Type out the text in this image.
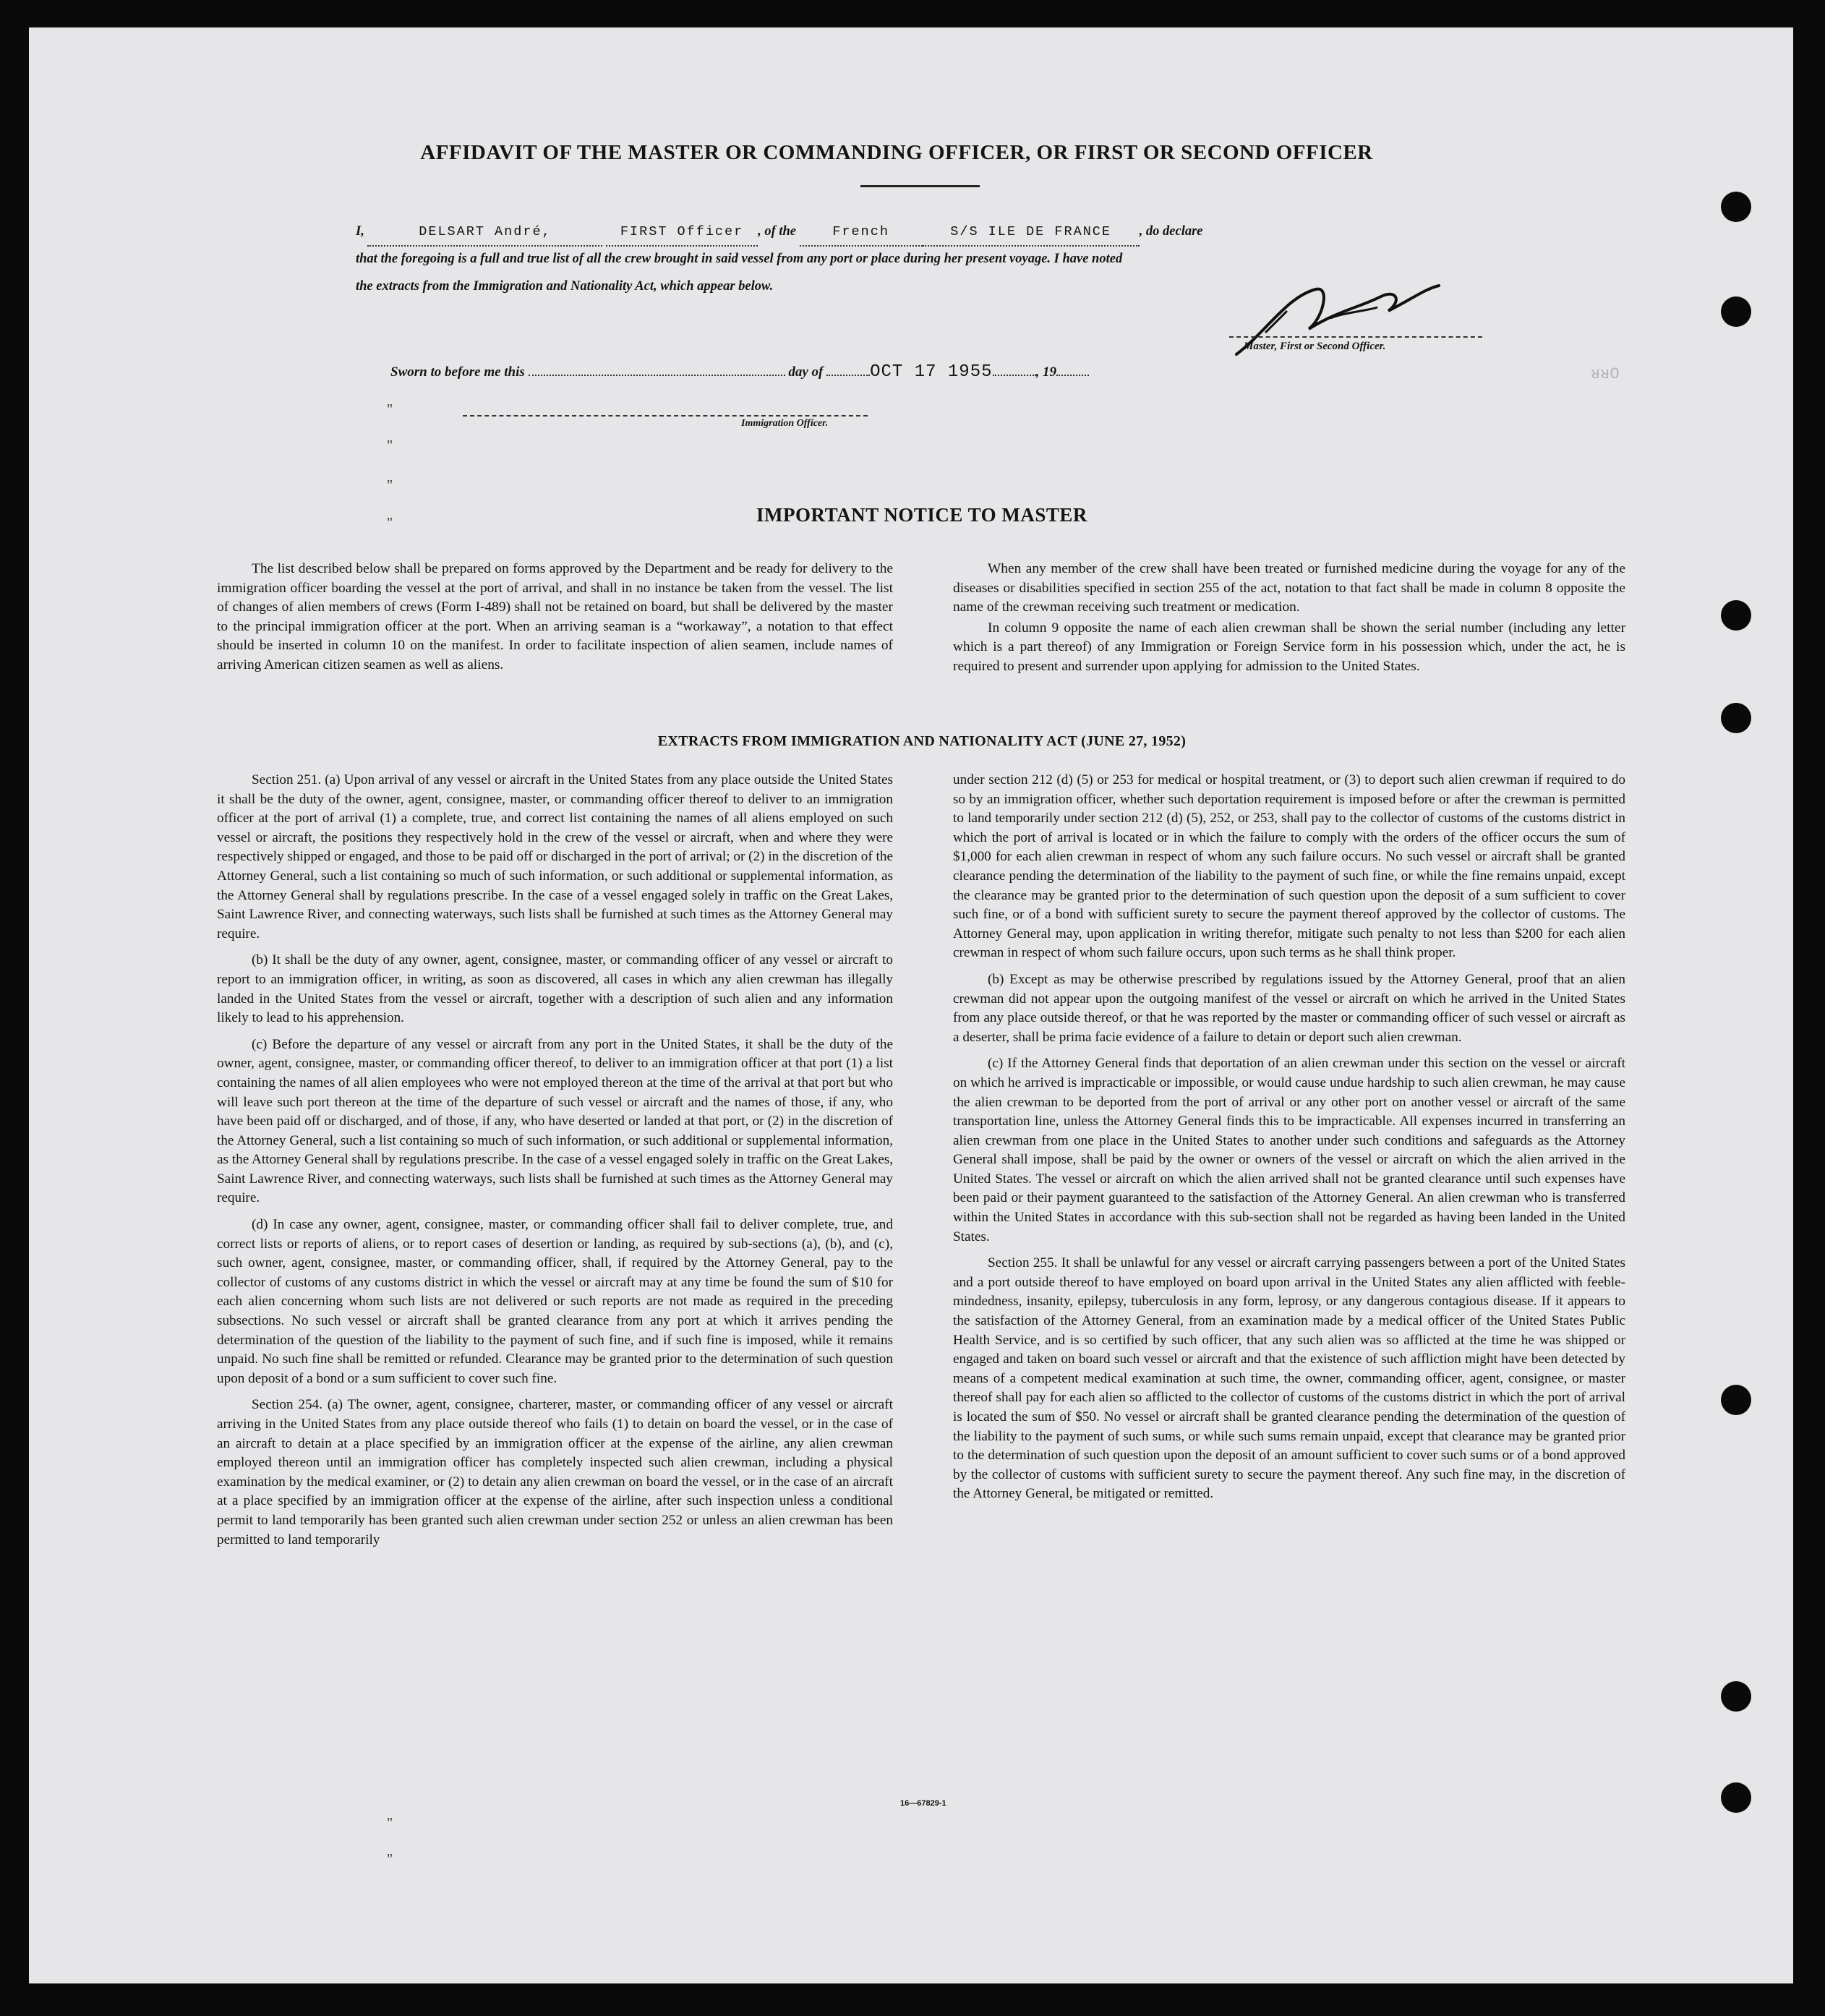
ᴚᴚO
AFFIDAVIT OF THE MASTER OR COMMANDING OFFICER, OR FIRST OR SECOND OFFICER
I,	DELSART André,	FIRST Officer , of the	French	S/S ILE DE FRANCE , do declare
that the foregoing is a full and true list of all the crew brought in said vessel from any port or place during her present voyage. I have noted
the extracts from the Immigration and Nationality Act, which appear below.
Master, First or Second Officer.
Sworn to before me this	day of	OCT 17 1955	, 19
Immigration Officer.
IMPORTANT NOTICE TO MASTER

The list described below shall be prepared on forms approved by the Department and be ready for delivery to the immigration officer boarding the vessel at the port of arrival, and shall in no instance be taken from the vessel. The list of changes of alien members of crews (Form I-489) shall not be retained on board, but shall be delivered by the master to the principal immigration officer at the port. When an arriving seaman is a “workaway”, a notation to that effect should be inserted in column 10 on the manifest. In order to facilitate inspection of alien seamen, include names of arriving American citizen seamen as well as aliens.

When any member of the crew shall have been treated or furnished medicine during the voyage for any of the diseases or disabilities specified in section 255 of the act, notation to that fact shall be made in column 8 opposite the name of the crewman receiving such treatment or medication.

In column 9 opposite the name of each alien crewman shall be shown the serial number (including any letter which is a part thereof) of any Immigration or Foreign Service form in his possession which, under the act, he is required to present and surrender upon applying for admission to the United States.

EXTRACTS FROM IMMIGRATION AND NATIONALITY ACT (JUNE 27, 1952)

Section 251. (a) Upon arrival of any vessel or aircraft in the United States from any place outside the United States it shall be the duty of the owner, agent, consignee, master, or commanding officer thereof to deliver to an immigration officer at the port of arrival (1) a complete, true, and correct list containing the names of all aliens employed on such vessel or aircraft, the positions they respectively hold in the crew of the vessel or aircraft, when and where they were respectively shipped or engaged, and those to be paid off or discharged in the port of arrival; or (2) in the discretion of the Attorney General, such a list containing so much of such information, or such additional or supplemental information, as the Attorney General shall by regulations prescribe. In the case of a vessel engaged solely in traffic on the Great Lakes, Saint Lawrence River, and connecting waterways, such lists shall be furnished at such times as the Attorney General may require.

(b) It shall be the duty of any owner, agent, consignee, master, or commanding officer of any vessel or aircraft to report to an immigration officer, in writing, as soon as discovered, all cases in which any alien crewman has illegally landed in the United States from the vessel or aircraft, together with a description of such alien and any information likely to lead to his apprehension.

(c) Before the departure of any vessel or aircraft from any port in the United States, it shall be the duty of the owner, agent, consignee, master, or commanding officer thereof, to deliver to an immigration officer at that port (1) a list containing the names of all alien employees who were not employed thereon at the time of the arrival at that port but who will leave such port thereon at the time of the departure of such vessel or aircraft and the names of those, if any, who have been paid off or discharged, and of those, if any, who have deserted or landed at that port, or (2) in the discretion of the Attorney General, such a list containing so much of such information, or such additional or supplemental information, as the Attorney General shall by regulations prescribe. In the case of a vessel engaged solely in traffic on the Great Lakes, Saint Lawrence River, and connecting waterways, such lists shall be furnished at such times as the Attorney General may require.

(d) In case any owner, agent, consignee, master, or commanding officer shall fail to deliver complete, true, and correct lists or reports of aliens, or to report cases of desertion or landing, as required by sub-sections (a), (b), and (c), such owner, agent, consignee, master, or commanding officer, shall, if required by the Attorney General, pay to the collector of customs of any customs district in which the vessel or aircraft may at any time be found the sum of $10 for each alien concerning whom such lists are not delivered or such reports are not made as required in the preceding subsections. No such vessel or aircraft shall be granted clearance from any port at which it arrives pending the determination of the question of the liability to the payment of such fine, and if such fine is imposed, while it remains unpaid. No such fine shall be remitted or refunded. Clearance may be granted prior to the determination of such question upon deposit of a bond or a sum sufficient to cover such fine.

Section 254. (a) The owner, agent, consignee, charterer, master, or commanding officer of any vessel or aircraft arriving in the United States from any place outside thereof who fails (1) to detain on board the vessel, or in the case of an aircraft to detain at a place specified by an immigration officer at the expense of the airline, any alien crewman employed thereon until an immigration officer has completely inspected such alien crewman, including a physical examination by the medical examiner, or (2) to detain any alien crewman on board the vessel, or in the case of an aircraft at a place specified by an immigration officer at the expense of the airline, after such inspection unless a conditional permit to land temporarily has been granted such alien crewman under section 252 or unless an alien crewman has been permitted to land temporarily

under section 212 (d) (5) or 253 for medical or hospital treatment, or (3) to deport such alien crewman if required to do so by an immigration officer, whether such deportation requirement is imposed before or after the crewman is permitted to land temporarily under section 212 (d) (5), 252, or 253, shall pay to the collector of customs of the customs district in which the port of arrival is located or in which the failure to comply with the orders of the officer occurs the sum of $1,000 for each alien crewman in respect of whom any such failure occurs. No such vessel or aircraft shall be granted clearance pending the determination of the liability to the payment of such fine, or while the fine remains unpaid, except the clearance may be granted prior to the determination of such question upon the deposit of a sum sufficient to cover such fine, or of a bond with sufficient surety to secure the payment thereof approved by the collector of customs. The Attorney General may, upon application in writing therefor, mitigate such penalty to not less than $200 for each alien crewman in respect of whom such failure occurs, upon such terms as he shall think proper.

(b) Except as may be otherwise prescribed by regulations issued by the Attorney General, proof that an alien crewman did not appear upon the outgoing manifest of the vessel or aircraft on which he arrived in the United States from any place outside thereof, or that he was reported by the master or commanding officer of such vessel or aircraft as a deserter, shall be prima facie evidence of a failure to detain or deport such alien crewman.

(c) If the Attorney General finds that deportation of an alien crewman under this section on the vessel or aircraft on which he arrived is impracticable or impossible, or would cause undue hardship to such alien crewman, he may cause the alien crewman to be deported from the port of arrival or any other port on another vessel or aircraft of the same transportation line, unless the Attorney General finds this to be impracticable. All expenses incurred in transferring an alien crewman from one place in the United States to another under such conditions and safeguards as the Attorney General shall impose, shall be paid by the owner or owners of the vessel or aircraft on which the alien arrived in the United States. The vessel or aircraft on which the alien arrived shall not be granted clearance until such expenses have been paid or their payment guaranteed to the satisfaction of the Attorney General. An alien crewman who is transferred within the United States in accordance with this sub-section shall not be regarded as having been landed in the United States.

Section 255. It shall be unlawful for any vessel or aircraft carrying passengers between a port of the United States and a port outside thereof to have employed on board upon arrival in the United States any alien afflicted with feeble-mindedness, insanity, epilepsy, tuberculosis in any form, leprosy, or any dangerous contagious disease. If it appears to the satisfaction of the Attorney General, from an examination made by a medical officer of the United States Public Health Service, and is so certified by such officer, that any such alien was so afflicted at the time he was shipped or engaged and taken on board such vessel or aircraft and that the existence of such affliction might have been detected by means of a competent medical examination at such time, the owner, commanding officer, agent, consignee, or master thereof shall pay for each alien so afflicted to the collector of customs of the customs district in which the port of arrival is located the sum of $50. No vessel or aircraft shall be granted clearance pending the determination of the question of the liability to the payment of such sums, or while such sums remain unpaid, except that clearance may be granted prior to the determination of such question upon the deposit of an amount sufficient to cover such sums or of a bond approved by the collector of customs with sufficient surety to secure the payment thereof. Any such fine may, in the discretion of the Attorney General, be mitigated or remitted.

16—67829-1
"
"
"
"
"
"
